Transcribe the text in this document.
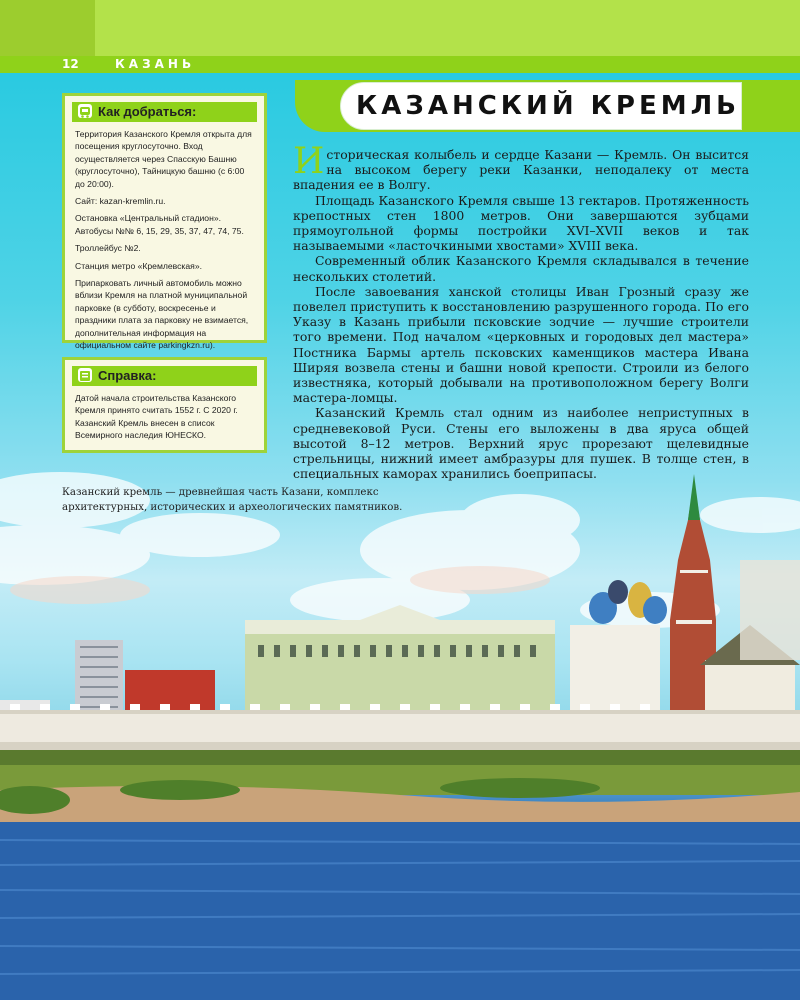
12	КАЗАНЬ
КАЗАНСКИЙ КРЕМЛЬ
Как добраться:

Территория Казанского Кремля открыта для посещения круглосуточно. Вход осуществляется через Спасскую Башню (круглосуточно), Тайницкую башню (с 6:00 до 20:00).

Сайт: kazan-kremlin.ru.

Остановка «Центральный стадион». Автобусы №№ 6, 15, 29, 35, 37, 47, 74, 75.

Троллейбус №2.

Станция метро «Кремлевская».

Припарковать личный автомобиль можно вблизи Кремля на платной муниципальной парковке (в субботу, воскресенье и праздники плата за парковку не взимается, дополнительная информация на официальном сайте parkingkzn.ru).

Справка:

Датой начала строительства Казанского Кремля принято считать 1552 г. С 2020 г. Казанский Кремль внесен в список Всемирного наследия ЮНЕСКО.

Историческая колыбель и сердце Казани — Кремль. Он высится на высоком берегу реки Казанки, неподалеку от места впадения ее в Волгу.

Площадь Казанского Кремля свыше 13 гектаров. Протяженность крепостных стен 1800 метров. Они завершаются зубцами прямоугольной формы постройки XVI–XVII веков и так называемыми «ласточкиными хвостами» XVIII века.

Современный облик Казанского Кремля складывался в течение нескольких столетий.

После завоевания ханской столицы Иван Грозный сразу же повелел приступить к восстановлению разрушенного города. По его Указу в Казань прибыли псковские зодчие — лучшие строители того времени. Под началом «церковных и городовых дел мастера» Постника Бармы артель псковских каменщиков мастера Ивана Ширяя возвела стены и башни новой крепости. Строили из белого известняка, который добывали на противоположном берегу Волги мастера-ломцы.

Казанский Кремль стал одним из наиболее неприступных в средневековой Руси. Стены его выложены в два яруса общей высотой 8–12 метров. Верхний ярус прорезают щелевидные стрельницы, нижний имеет амбразуры для пушек. В толще стен, в специальных каморах хранились боеприпасы.

Казанский кремль — древнейшая часть Казани, комплекс архитектурных, исторических и археологических памятников.
